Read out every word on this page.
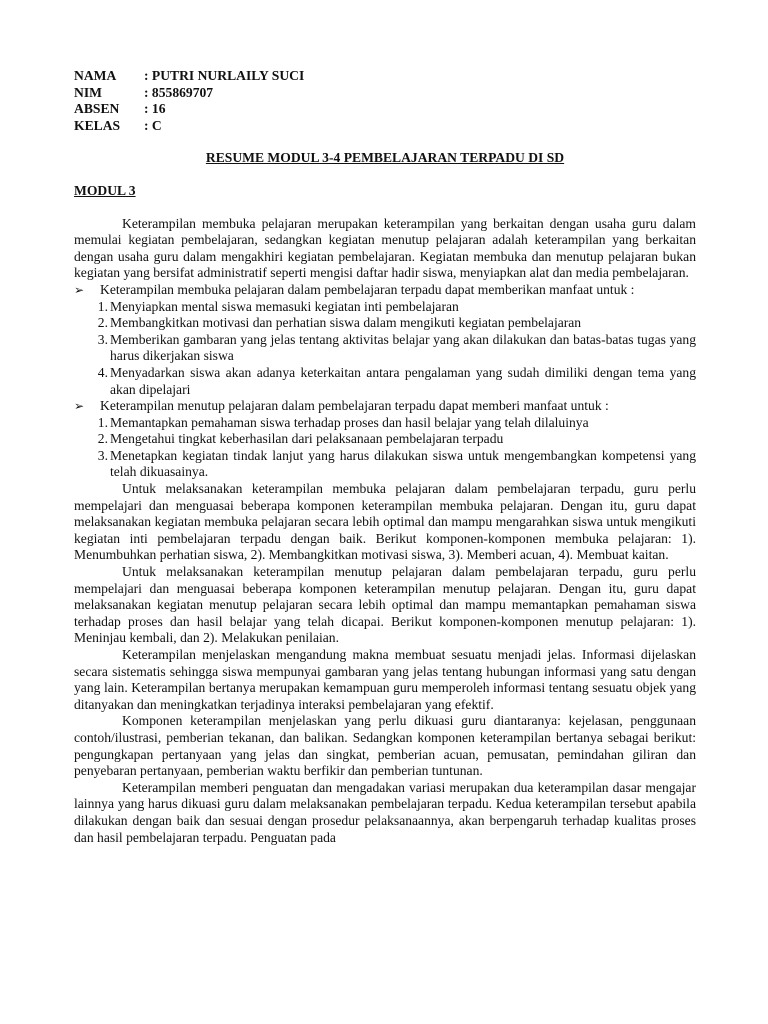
NAMA	: PUTRI NURLAILY SUCI
NIM	: 855869707
ABSEN	: 16
KELAS	: C
RESUME MODUL 3-4 PEMBELAJARAN TERPADU DI SD
MODUL 3

Keterampilan membuka pelajaran merupakan keterampilan yang berkaitan dengan usaha guru dalam memulai kegiatan pembelajaran, sedangkan kegiatan menutup pelajaran adalah keterampilan yang berkaitan dengan usaha guru dalam mengakhiri kegiatan pembelajaran. Kegiatan membuka dan menutup pelajaran bukan kegiatan yang bersifat administratif seperti mengisi daftar hadir siswa, menyiapkan alat dan media pembelajaran.

➢	Keterampilan membuka pelajaran dalam pembelajaran terpadu dapat memberikan manfaat untuk :
1. Menyiapkan mental siswa memasuki kegiatan inti pembelajaran
2. Membangkitkan motivasi dan perhatian siswa dalam mengikuti kegiatan pembelajaran
3. Memberikan gambaran yang jelas tentang aktivitas belajar yang akan dilakukan dan batas-batas tugas yang harus dikerjakan siswa
4. Menyadarkan siswa akan adanya keterkaitan antara pengalaman yang sudah dimiliki dengan tema yang akan dipelajari
➢	Keterampilan menutup pelajaran dalam pembelajaran terpadu dapat memberi manfaat untuk :
1. Memantapkan pemahaman siswa terhadap proses dan hasil belajar yang telah dilaluinya
2. Mengetahui tingkat keberhasilan dari pelaksanaan pembelajaran terpadu
3. Menetapkan kegiatan tindak lanjut yang harus dilakukan siswa untuk mengembangkan kompetensi yang telah dikuasainya.

Untuk melaksanakan keterampilan membuka pelajaran dalam pembelajaran terpadu, guru perlu mempelajari dan menguasai beberapa komponen keterampilan membuka pelajaran. Dengan itu, guru dapat melaksanakan kegiatan membuka pelajaran secara lebih optimal dan mampu mengarahkan siswa untuk mengikuti kegiatan inti pembelajaran terpadu dengan baik. Berikut komponen-komponen membuka pelajaran: 1). Menumbuhkan perhatian siswa, 2). Membangkitkan motivasi siswa, 3). Memberi acuan, 4). Membuat kaitan.

Untuk melaksanakan keterampilan menutup pelajaran dalam pembelajaran terpadu, guru perlu mempelajari dan menguasai beberapa komponen keterampilan menutup pelajaran. Dengan itu, guru dapat melaksanakan kegiatan menutup pelajaran secara lebih optimal dan mampu memantapkan pemahaman siswa terhadap proses dan hasil belajar yang telah dicapai. Berikut komponen-komponen menutup pelajaran: 1). Meninjau kembali, dan 2). Melakukan penilaian.

Keterampilan menjelaskan mengandung makna membuat sesuatu menjadi jelas. Informasi dijelaskan secara sistematis sehingga siswa mempunyai gambaran yang jelas tentang hubungan informasi yang satu dengan yang lain. Keterampilan bertanya merupakan kemampuan guru memperoleh informasi tentang sesuatu objek yang ditanyakan dan meningkatkan terjadinya interaksi pembelajaran yang efektif.

Komponen keterampilan menjelaskan yang perlu dikuasi guru diantaranya: kejelasan, penggunaan contoh/ilustrasi, pemberian tekanan, dan balikan. Sedangkan komponen keterampilan bertanya sebagai berikut: pengungkapan pertanyaan yang jelas dan singkat, pemberian acuan, pemusatan, pemindahan giliran dan penyebaran pertanyaan, pemberian waktu berfikir dan pemberian tuntunan.

Keterampilan memberi penguatan dan mengadakan variasi merupakan dua keterampilan dasar mengajar lainnya yang harus dikuasi guru dalam melaksanakan pembelajaran terpadu. Kedua keterampilan tersebut apabila dilakukan dengan baik dan sesuai dengan prosedur pelaksanaannya, akan berpengaruh terhadap kualitas proses dan hasil pembelajaran terpadu. Penguatan pada
